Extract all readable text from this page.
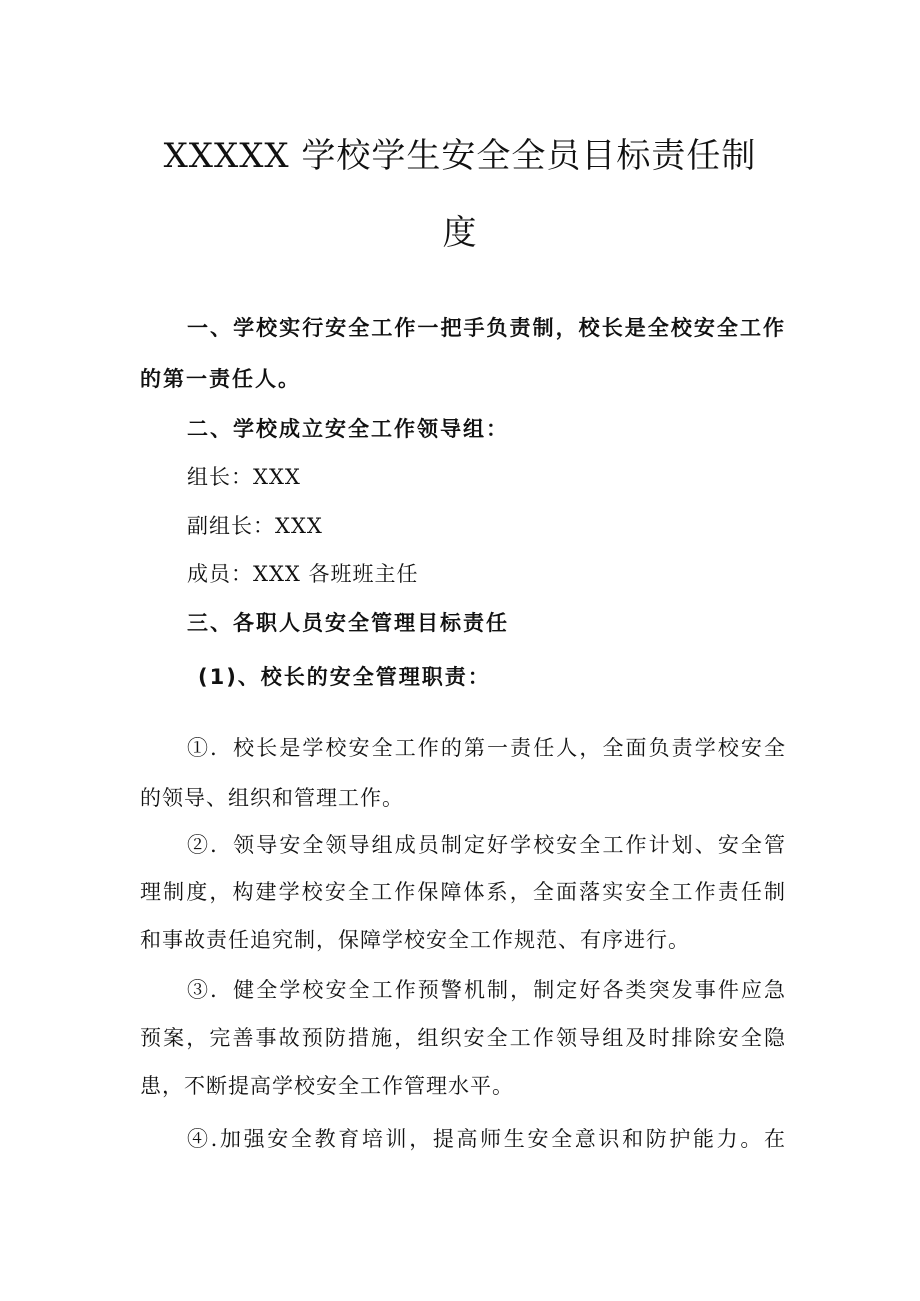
XXXXX 学校学生安全全员目标责任制
度
一、学校实行安全工作一把手负责制，校长是全校安全工作
的第一责任人。
二、学校成立安全工作领导组：
组长：XXX
副组长：XXX
成员：XXX 各班班主任
三、各职人员安全管理目标责任
(1)、校长的安全管理职责：
①．校长是学校安全工作的第一责任人，全面负责学校安全
的领导、组织和管理工作。
②．领导安全领导组成员制定好学校安全工作计划、安全管
理制度，构建学校安全工作保障体系，全面落实安全工作责任制
和事故责任追究制，保障学校安全工作规范、有序进行。
③．健全学校安全工作预警机制，制定好各类突发事件应急
预案，完善事故预防措施，组织安全工作领导组及时排除安全隐
患，不断提高学校安全工作管理水平。
④.加强安全教育培训，提高师生安全意识和防护能力。在
